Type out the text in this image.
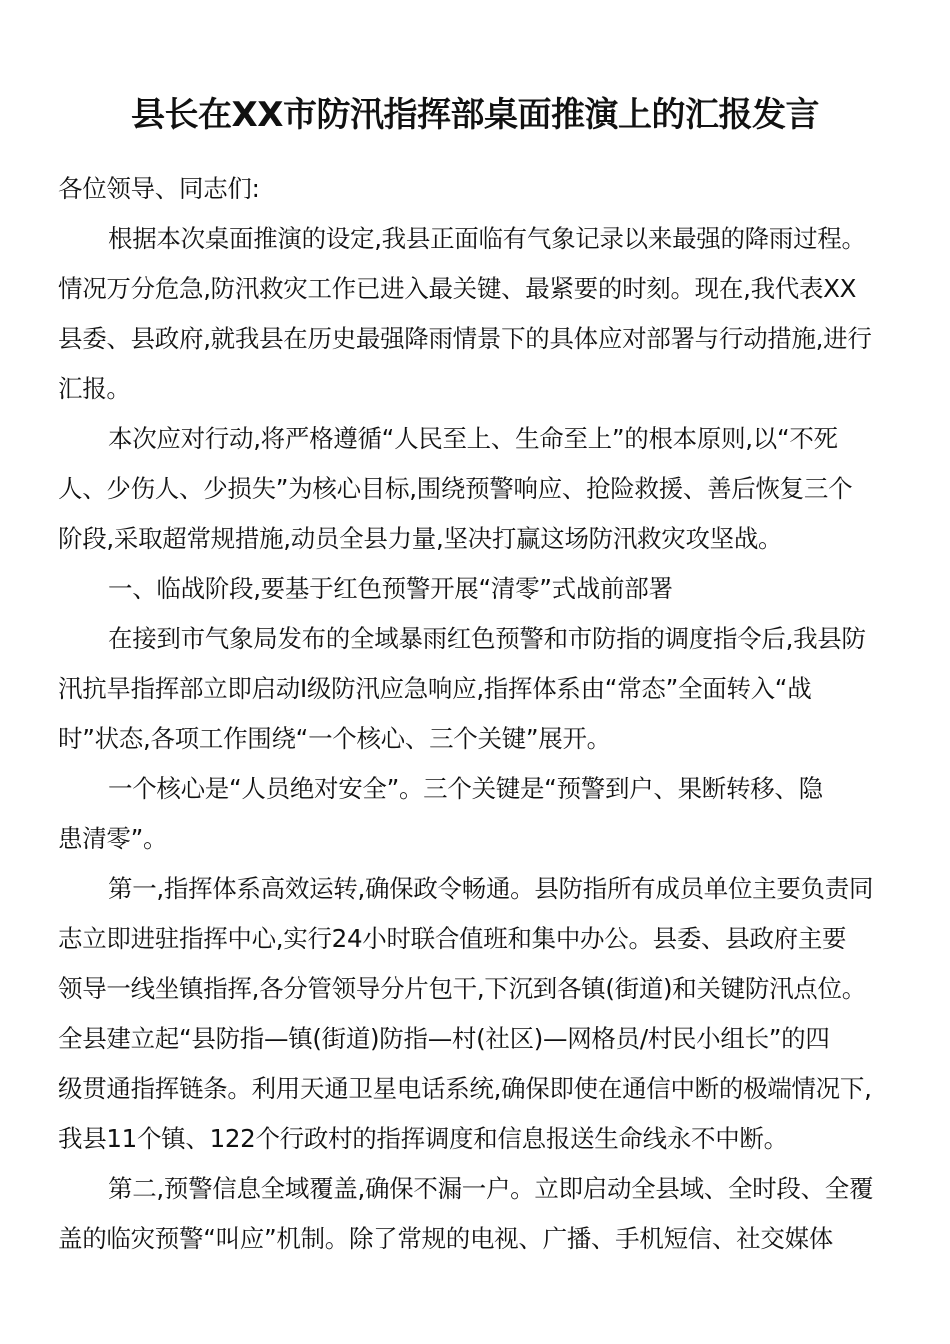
县长在XX市防汛指挥部桌面推演上的汇报发言
各位领导、同志们:
根据本次桌面推演的设定,我县正面临有气象记录以来最强的降雨过程。
情况万分危急,防汛救灾工作已进入最关键、最紧要的时刻。现在,我代表XX
县委、县政府,就我县在历史最强降雨情景下的具体应对部署与行动措施,进行
汇报。
本次应对行动,将严格遵循“人民至上、生命至上”的根本原则,以“不死
人、少伤人、少损失”为核心目标,围绕预警响应、抢险救援、善后恢复三个
阶段,采取超常规措施,动员全县力量,坚决打赢这场防汛救灾攻坚战。
一、临战阶段,要基于红色预警开展“清零”式战前部署
在接到市气象局发布的全域暴雨红色预警和市防指的调度指令后,我县防
汛抗旱指挥部立即启动Ⅰ级防汛应急响应,指挥体系由“常态”全面转入“战
时”状态,各项工作围绕“一个核心、三个关键”展开。
一个核心是“人员绝对安全”。三个关键是“预警到户、果断转移、隐
患清零”。
第一,指挥体系高效运转,确保政令畅通。县防指所有成员单位主要负责同
志立即进驻指挥中心,实行24小时联合值班和集中办公。县委、县政府主要
领导一线坐镇指挥,各分管领导分片包干,下沉到各镇(街道)和关键防汛点位。
全县建立起“县防指—镇(街道)防指—村(社区)—网格员/村民小组长”的四
级贯通指挥链条。利用天通卫星电话系统,确保即使在通信中断的极端情况下,
我县11个镇、122个行政村的指挥调度和信息报送生命线永不中断。
第二,预警信息全域覆盖,确保不漏一户。立即启动全县域、全时段、全覆
盖的临灾预警“叫应”机制。除了常规的电视、广播、手机短信、社交媒体
